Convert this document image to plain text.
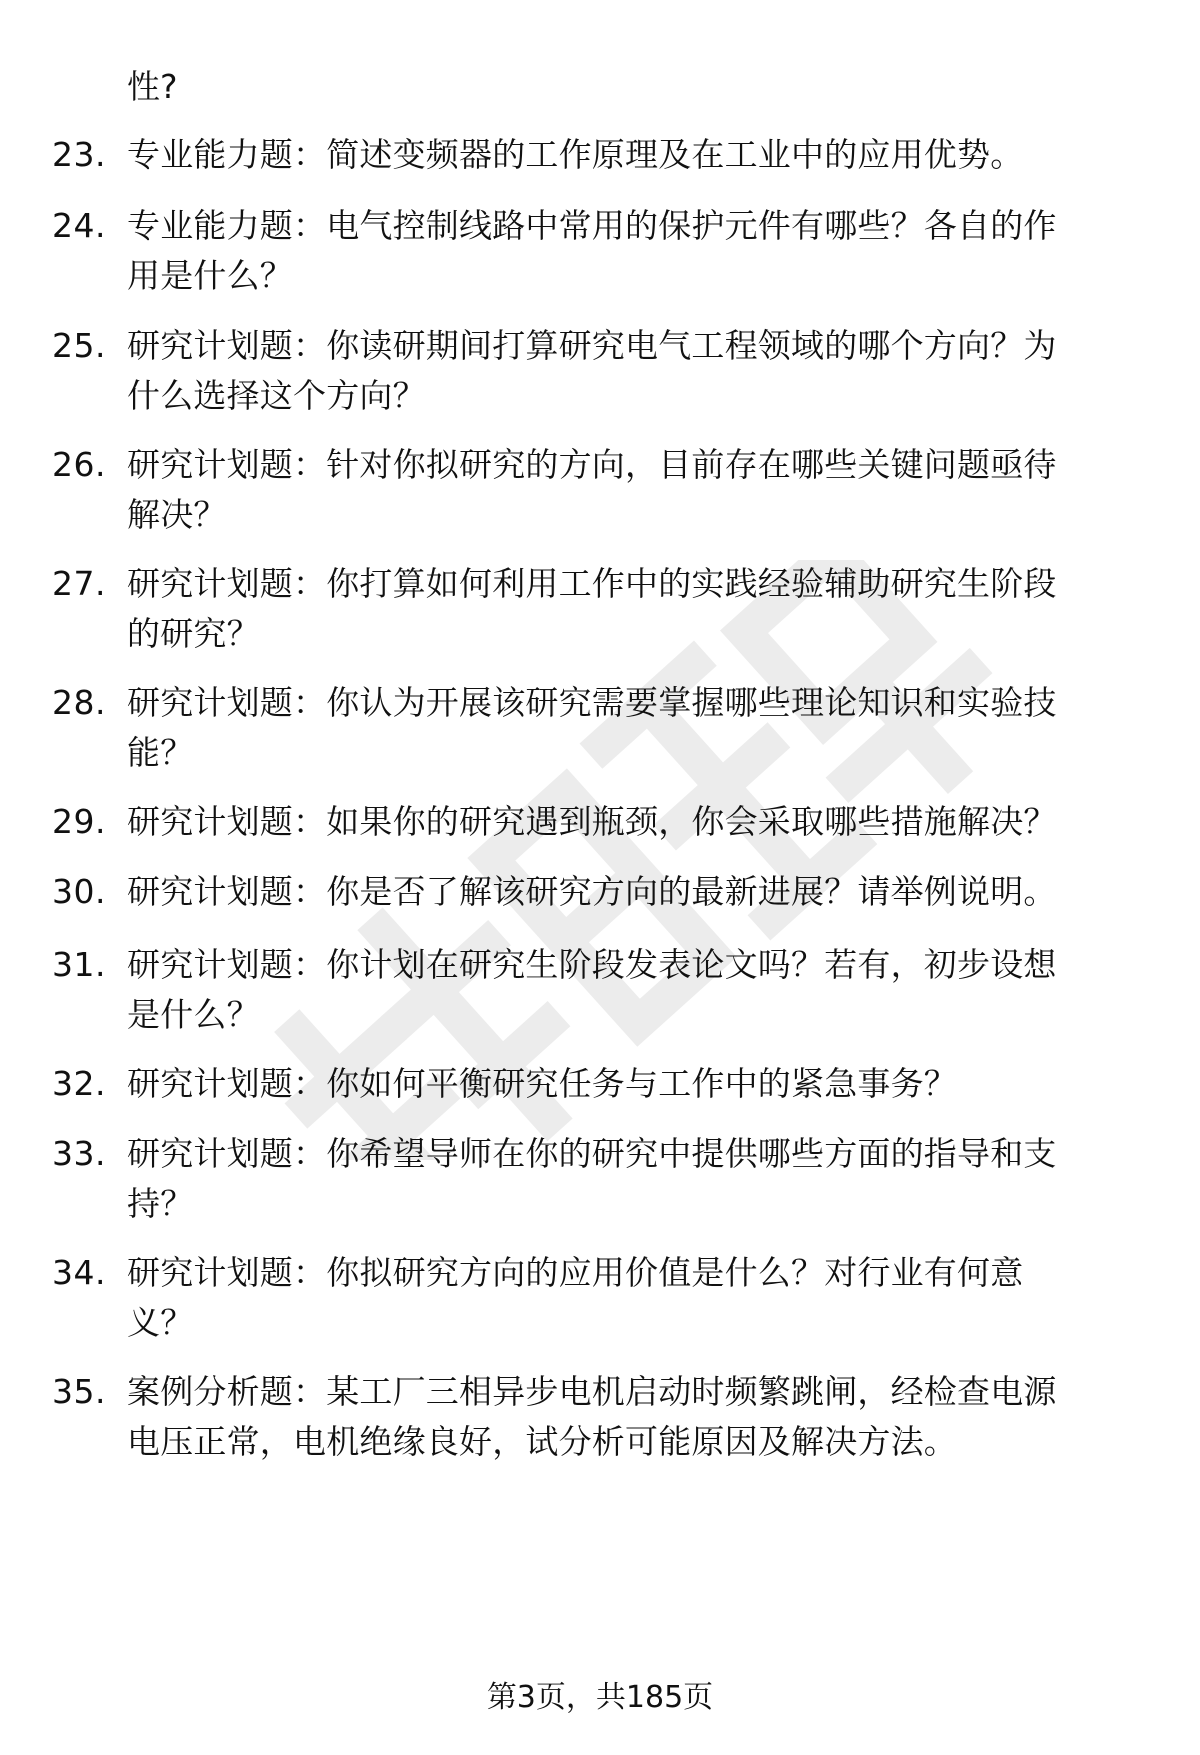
性?
23. 专业能力题：简述变频器的工作原理及在工业中的应用优势。
24. 专业能力题：电气控制线路中常用的保护元件有哪些？各自的作
用是什么？
25. 研究计划题：你读研期间打算研究电气工程领域的哪个方向？为
什么选择这个方向？
26. 研究计划题：针对你拟研究的方向，目前存在哪些关键问题亟待
解决？
27. 研究计划题：你打算如何利用工作中的实践经验辅助研究生阶段
的研究？
28. 研究计划题：你认为开展该研究需要掌握哪些理论知识和实验技
能？
29. 研究计划题：如果你的研究遇到瓶颈，你会采取哪些措施解决？
30. 研究计划题：你是否了解该研究方向的最新进展？请举例说明。
31. 研究计划题：你计划在研究生阶段发表论文吗？若有，初步设想
是什么？
32. 研究计划题：你如何平衡研究任务与工作中的紧急事务？
33. 研究计划题：你希望导师在你的研究中提供哪些方面的指导和支
持？
34. 研究计划题：你拟研究方向的应用价值是什么？对行业有何意
义？
35. 案例分析题：某工厂三相异步电机启动时频繁跳闸，经检查电源
电压正常，电机绝缘良好，试分析可能原因及解决方法。
第3页，共185页
